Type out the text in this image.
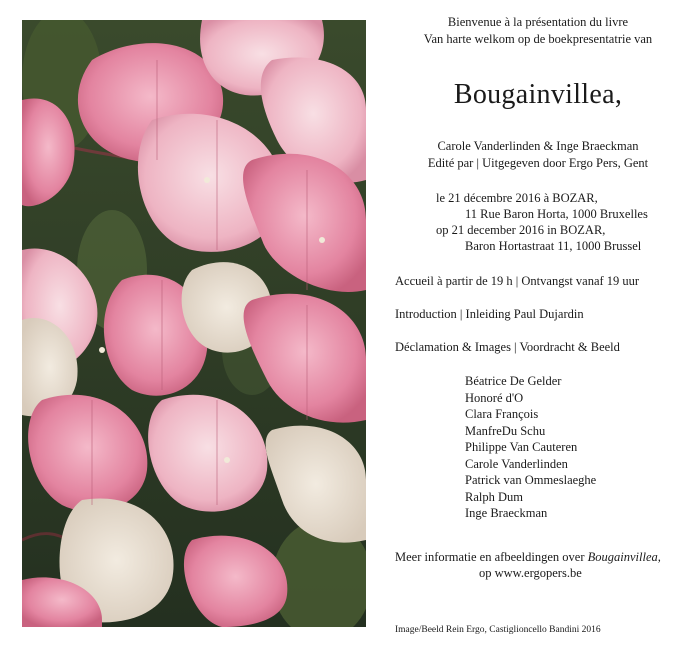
Bienvenue à la présentation du livre
Van harte welkom op de boekpresentatrie van
Bougainvillea,
Carole Vanderlinden & Inge Braeckman
Edité par | Uitgegeven door Ergo Pers, Gent
le 21 décembre 2016 à BOZAR,
11 Rue Baron Horta, 1000 Bruxelles
op 21 december 2016 in BOZAR,
Baron Hortastraat 11, 1000 Brussel
Accueil à partir de 19 h | Ontvangst vanaf 19 uur
Introduction | Inleiding Paul Dujardin
Déclamation & Images | Voordracht & Beeld
Béatrice De Gelder
Honoré d'O
Clara François
ManfreDu Schu
Philippe Van Cauteren
Carole Vanderlinden
Patrick van Ommeslaeghe
Ralph Dum
Inge Braeckman
Meer informatie en afbeeldingen over Bougainvillea,
op www.ergopers.be
Image/Beeld Rein Ergo, Castiglioncello Bandini 2016
